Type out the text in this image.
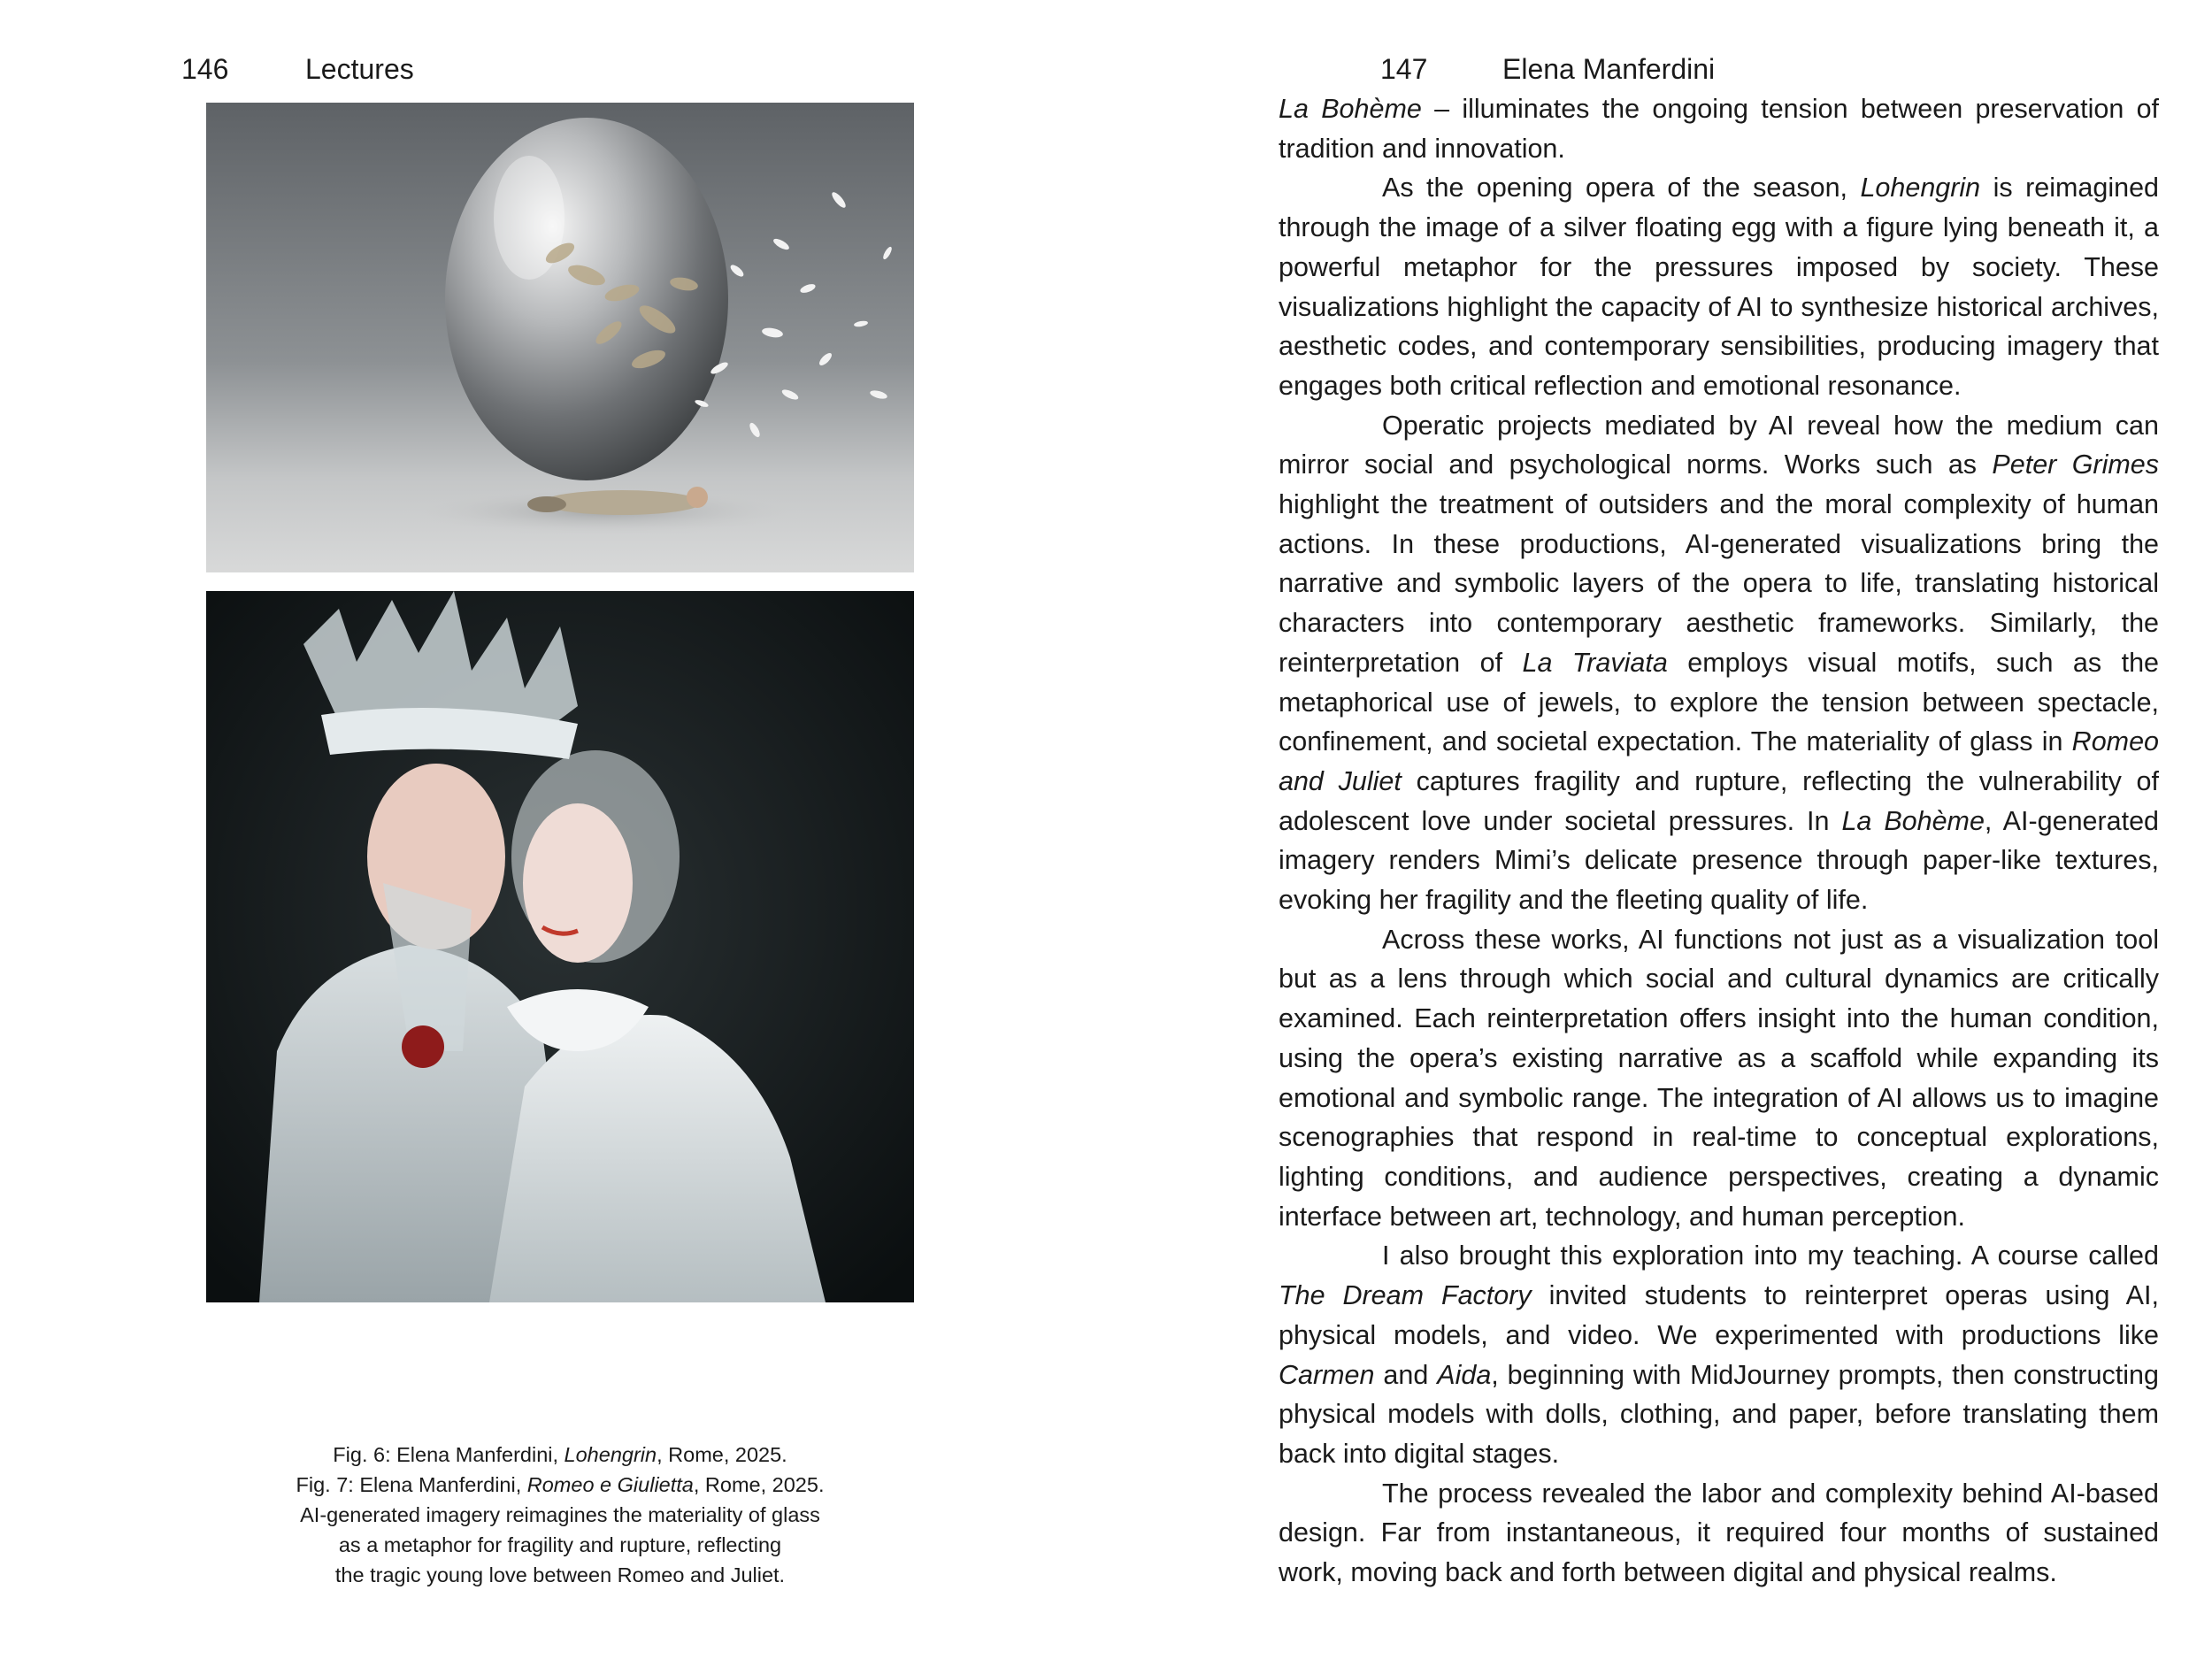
146	Lectures

Fig. 6: Elena Manferdini, Lohengrin, Rome, 2025.

Fig. 7: Elena Manferdini, Romeo e Giulietta, Rome, 2025.

AI-generated imagery reimagines the materiality of glass

as a metaphor for fragility and rupture, reflecting

the tragic young love between Romeo and Juliet.

147	Elena Manferdini

La Bohème – illuminates the ongoing tension between preservation of tradition and innovation.

As the opening opera of the season, Lohengrin is reimagined through the image of a silver floating egg with a figure lying beneath it, a powerful metaphor for the pressures imposed by society. These visualizations highlight the capacity of AI to synthesize historical archives, aesthetic codes, and contemporary sensibilities, producing imagery that engages both critical reflection and emotional resonance.

Operatic projects mediated by AI reveal how the medium can mirror social and psychological norms. Works such as Peter Grimes highlight the treatment of outsiders and the moral complexity of human actions. In these productions, AI-generated visualizations bring the narrative and symbolic layers of the opera to life, translating historical characters into contemporary aesthetic frameworks. Similarly, the reinterpretation of La Traviata employs visual motifs, such as the metaphorical use of jewels, to explore the tension between spectacle, confinement, and societal expectation. The materiality of glass in Romeo and Juliet captures fragility and rupture, reflecting the vulnerability of adolescent love under societal pressures. In La Bohème, AI-generated imagery renders Mimi’s delicate presence through paper-like textures, evoking her fragility and the fleeting quality of life.

Across these works, AI functions not just as a visualization tool but as a lens through which social and cultural dynamics are critically examined. Each reinterpretation offers insight into the human condition, using the opera’s existing narrative as a scaffold while expanding its emotional and symbolic range. The integration of AI allows us to imagine scenographies that respond in real-time to conceptual explorations, lighting conditions, and audience perspectives, creating a dynamic interface between art, technology, and human perception.

I also brought this exploration into my teaching. A course called The Dream Factory invited students to reinterpret operas using AI, physical models, and video. We experimented with productions like Carmen and Aida, beginning with MidJourney prompts, then constructing physical models with dolls, clothing, and paper, before translating them back into digital stages.

The process revealed the labor and complexity behind AI-based design. Far from instantaneous, it required four months of sustained work, moving back and forth between digital and physical realms.
